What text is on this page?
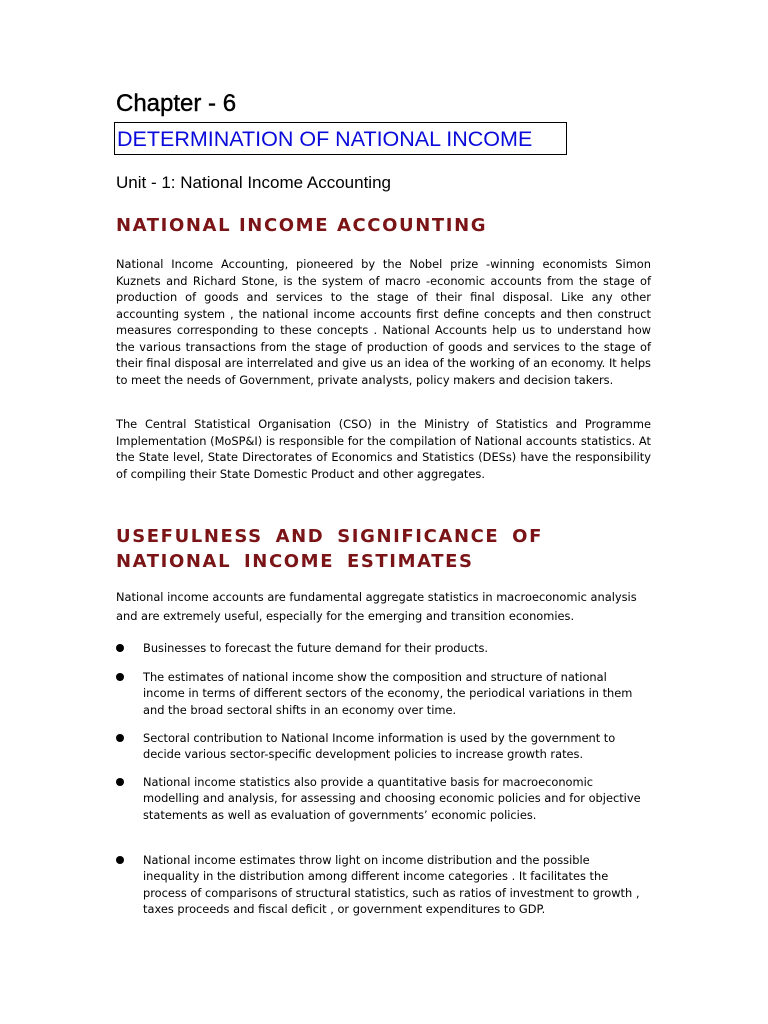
Chapter - 6
DETERMINATION OF NATIONAL INCOME
Unit - 1: National Income Accounting
NATIONAL INCOME ACCOUNTING

National Income Accounting, pioneered by the Nobel prize -winning economists Simon Kuznets and Richard Stone, is the system of macro -economic accounts from the stage of production of goods and services to the stage of their final disposal. Like any other accounting system , the national income accounts first define concepts and then construct measures corresponding to these concepts . National Accounts help us to understand how the various transactions from the stage of production of goods and services to the stage of their final disposal are interrelated and give us an idea of the working of an economy. It helps to meet the needs of Government, private analysts, policy makers and decision takers.

The Central Statistical Organisation (CSO) in the Ministry of Statistics and Programme Implementation (MoSP&I) is responsible for the compilation of National accounts statistics. At the State level, State Directorates of Economics and Statistics (DESs) have the responsibility of compiling their State Domestic Product and other aggregates.

USEFULNESS AND SIGNIFICANCE OF NATIONAL INCOME ESTIMATES

National income accounts are fundamental aggregate statistics in macroeconomic analysis and are extremely useful, especially for the emerging and transition economies.

Businesses to forecast the future demand for their products.

The estimates of national income show the composition and structure of national income in terms of different sectors of the economy, the periodical variations in them and the broad sectoral shifts in an economy over time.

Sectoral contribution to National Income information is used by the government to decide various sector-specific development policies to increase growth rates.

National income statistics also provide a quantitative basis for macroeconomic modelling and analysis, for assessing and choosing economic policies and for objective statements as well as evaluation of governments’ economic policies.

National income estimates throw light on income distribution and the possible inequality in the distribution among different income categories . It facilitates the process of comparisons of structural statistics, such as ratios of investment to growth , taxes proceeds and fiscal deficit , or government expenditures to GDP.
